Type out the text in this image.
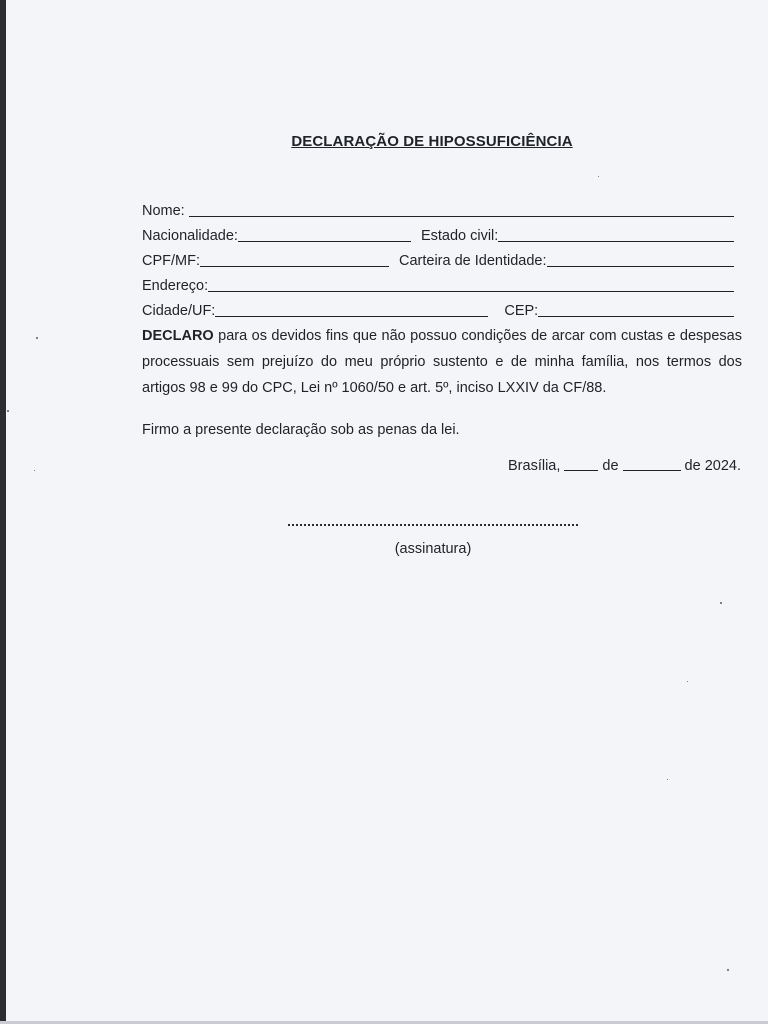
DECLARAÇÃO DE HIPOSSUFICIÊNCIA
Nome:
Nacionalidade:	Estado civil:
CPF/MF:	Carteira de Identidade:
Endereço:
Cidade/UF:	CEP:
DECLARO para os devidos fins que não possuo condições de arcar com custas e despesas processuais sem prejuízo do meu próprio sustento e de minha família, nos termos dos artigos 98 e 99 do CPC, Lei nº 1060/50 e art. 5º, inciso LXXIV da CF/88.
Firmo a presente declaração sob as penas da lei.
Brasília,	de	de 2024.
(assinatura)
